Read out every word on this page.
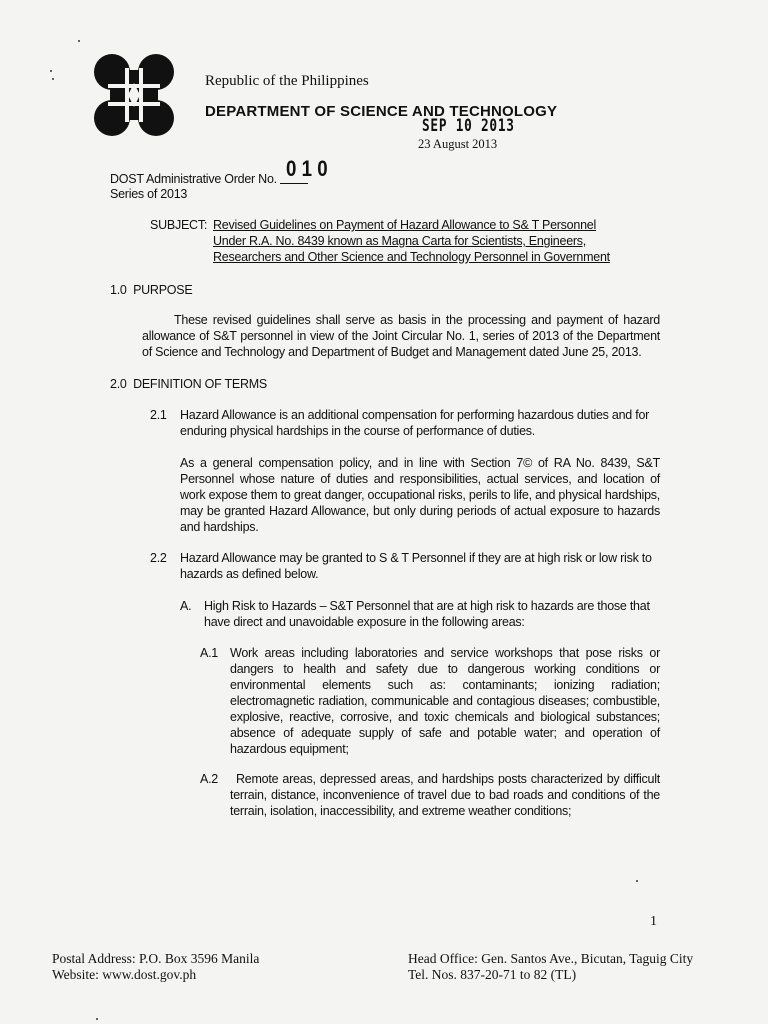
Republic of the Philippines
DEPARTMENT OF SCIENCE AND TECHNOLOGY
SEP 10 2013
23 August 2013
DOST Administrative Order No. 0 1 0
Series of 2013
SUBJECT: Revised Guidelines on Payment of Hazard Allowance to S& T Personnel
Under R.A. No. 8439 known as Magna Carta for Scientists, Engineers,
Researchers and Other Science and Technology Personnel in Government
1.0  PURPOSE
These revised guidelines shall serve as basis in the processing and payment of hazard allowance of S&T personnel in view of the Joint Circular No. 1, series of 2013 of the Department of Science and Technology and Department of Budget and Management dated June 25, 2013.
2.0  DEFINITION OF TERMS
2.1 Hazard Allowance is an additional compensation for performing hazardous duties and for enduring physical hardships in the course of performance of duties.
As a general compensation policy, and in line with Section 7© of RA No. 8439, S&T Personnel whose nature of duties and responsibilities, actual services, and location of work expose them to great danger, occupational risks, perils to life, and physical hardships, may be granted Hazard Allowance, but only during periods of actual exposure to hazards and hardships.
2.2 Hazard Allowance may be granted to S & T Personnel if they are at high risk or low risk to hazards as defined below.
A. High Risk to Hazards – S&T Personnel that are at high risk to hazards are those that have direct and unavoidable exposure in the following areas:
A.1 Work areas including laboratories and service workshops that pose risks or dangers to health and safety due to dangerous working conditions or environmental elements such as: contaminants; ionizing radiation; electromagnetic radiation, communicable and contagious diseases; combustible, explosive, reactive, corrosive, and toxic chemicals and biological substances; absence of adequate supply of safe and potable water; and operation of hazardous equipment;
A.2	Remote areas, depressed areas, and hardships posts characterized by difficult terrain, distance, inconvenience of travel due to bad roads and conditions of the terrain, isolation, inaccessibility, and extreme weather conditions;
1
Postal Address: P.O. Box 3596 Manila
Website: www.dost.gov.ph
Head Office: Gen. Santos Ave., Bicutan, Taguig City
Tel. Nos. 837-20-71 to 82 (TL)
